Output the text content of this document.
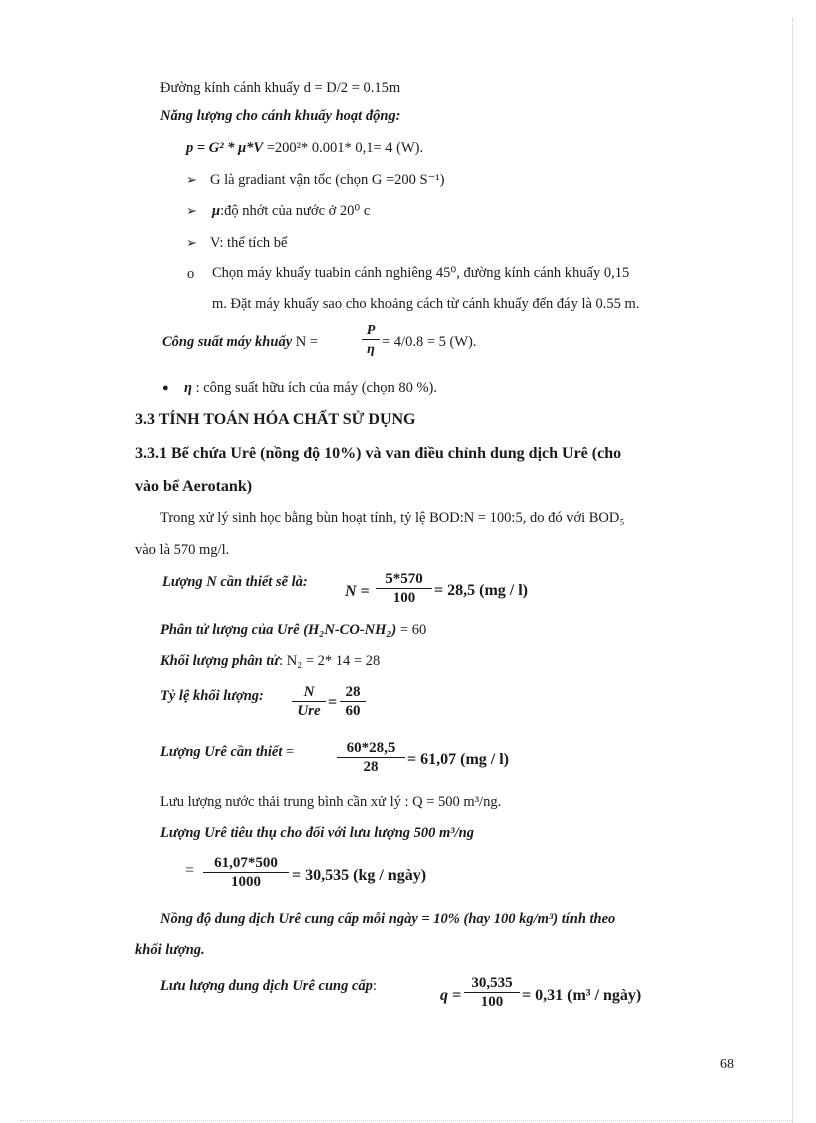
Đường kính cánh khuấy d = D/2 = 0.15m
Năng lượng cho cánh khuấy hoạt động:
p = G² * μ*V =200²* 0.001* 0,1= 4 (W).
➢ G là gradiant vận tốc (chọn G =200 S⁻¹)
➢ μ:độ nhớt của nước ở 20⁰ c
➢ V: thể tích bể
o Chọn máy khuấy tuabin cánh nghiêng 45⁰, đường kính cánh khuấy 0,15
m. Đặt máy khuấy sao cho khoảng cách từ cánh khuấy đến đáy là 0.55 m.
Công suất máy khuấy N =	$\frac{P}{\eta} = 4/0.8 = 5$ (W).
● η : công suất hữu ích của máy (chọn 80 %).
3.3 TÍNH TOÁN HÓA CHẤT SỬ DỤNG
3.3.1 Bể chứa Urê (nồng độ 10%) và van điều chỉnh dung dịch Urê (cho
vào bể Aerotank)
Trong xử lý sinh học bằng bùn hoạt tính, tỷ lệ BOD:N = 100:5, do đó với BOD₅
vào là 570 mg/l.
Lượng N cần thiết sẽ là:
$N = \frac{5*570}{100} = 28,5$ (mg / l)
Phân tử lượng của Urê (H₂N-CO-NH₂) = 60
Khối lượng phân tử: N₂ = 2* 14 = 28
Tỷ lệ khối lượng:	N
Ure = $\frac{28}{60}$
Lượng Urê cần thiết =	$\frac{60*28,5}{28} = 61,07$ (mg / l)
Lưu lượng nước thải trung bình cần xử lý : Q = 500 m³/ng.
Lượng Urê tiêu thụ cho đối với lưu lượng 500 m³/ng
= $\frac{61,07*500}{1000} = 30,535$ (kg / ngày)
Nồng độ dung dịch Urê cung cấp mỗi ngày = 10% (hay 100 kg/m³) tính theo
khối lượng.
Lưu lượng dung dịch Urê cung cấp:
$q = \frac{30,535}{100} = 0,31$ (m³ / ngày)
68
